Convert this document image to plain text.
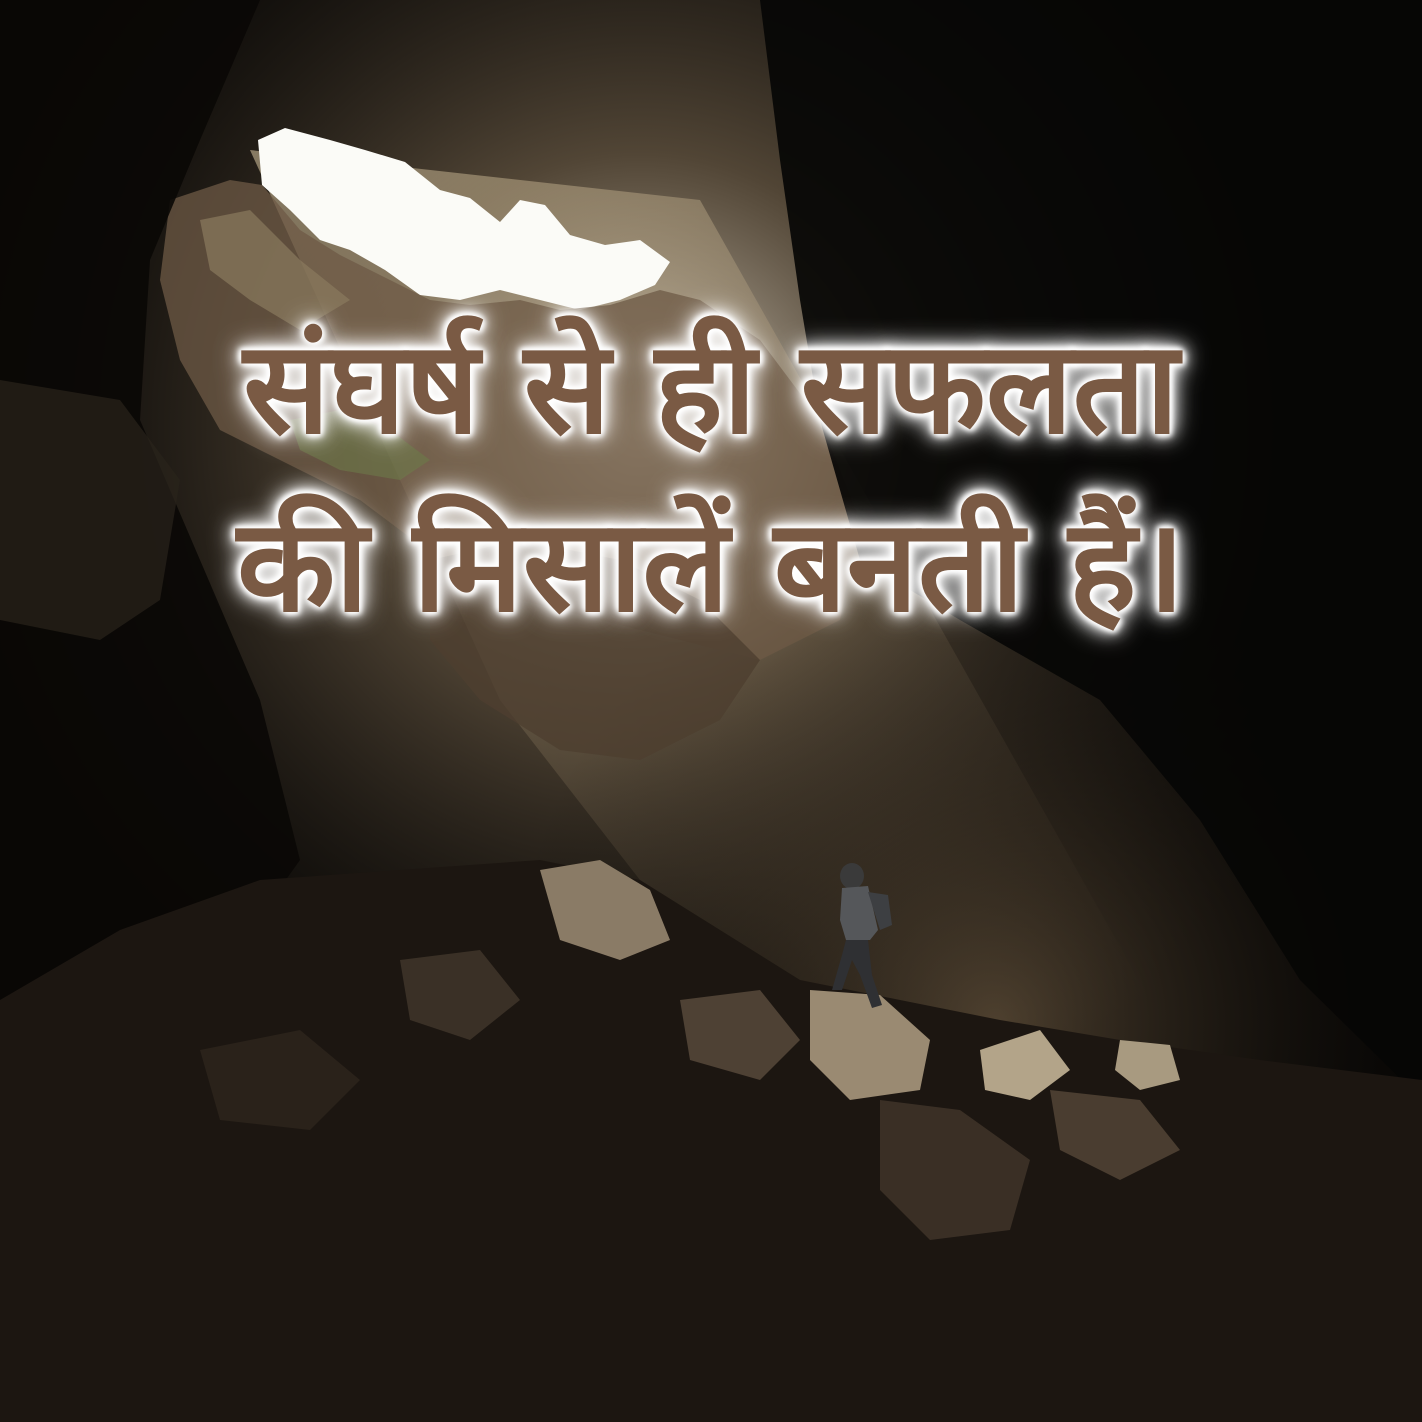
संघर्ष से ही सफलता
की मिसालें बनती हैं।
